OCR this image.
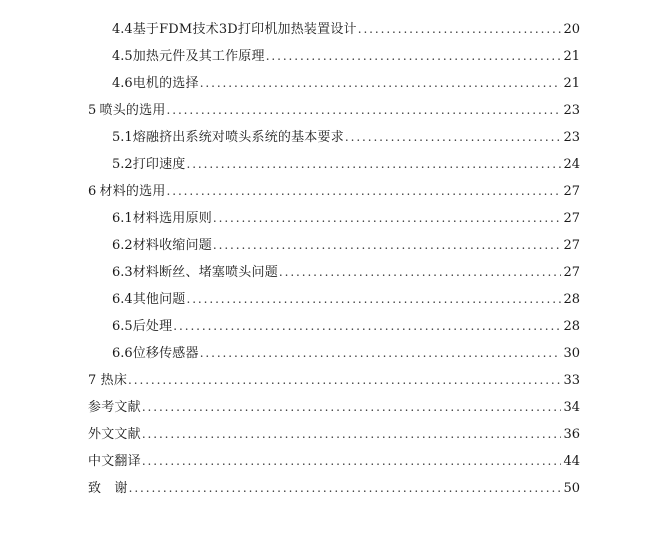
4.4 基于FDM技术3D打印机加热装置设计 .....	20
4.5 加热元件及其工作原理 .....	21
4.6 电机的选择 .....	21
5 喷头的选用 .....	23
5.1 熔融挤出系统对喷头系统的基本要求 .....	23
5.2 打印速度 .....	24
6 材料的选用 .....	27
6.1 材料选用原则 .....	27
6.2 材料收缩问题 .....	27
6.3 材料断丝、堵塞喷头问题 .....	27
6.4 其他问题 .....	28
6.5 后处理 .....	28
6.6 位移传感器 .....	30
7 热床 .....	33
参考文献 .....	34
外文文献 .....	36
中文翻译 .....	44
致　谢 .....	50
